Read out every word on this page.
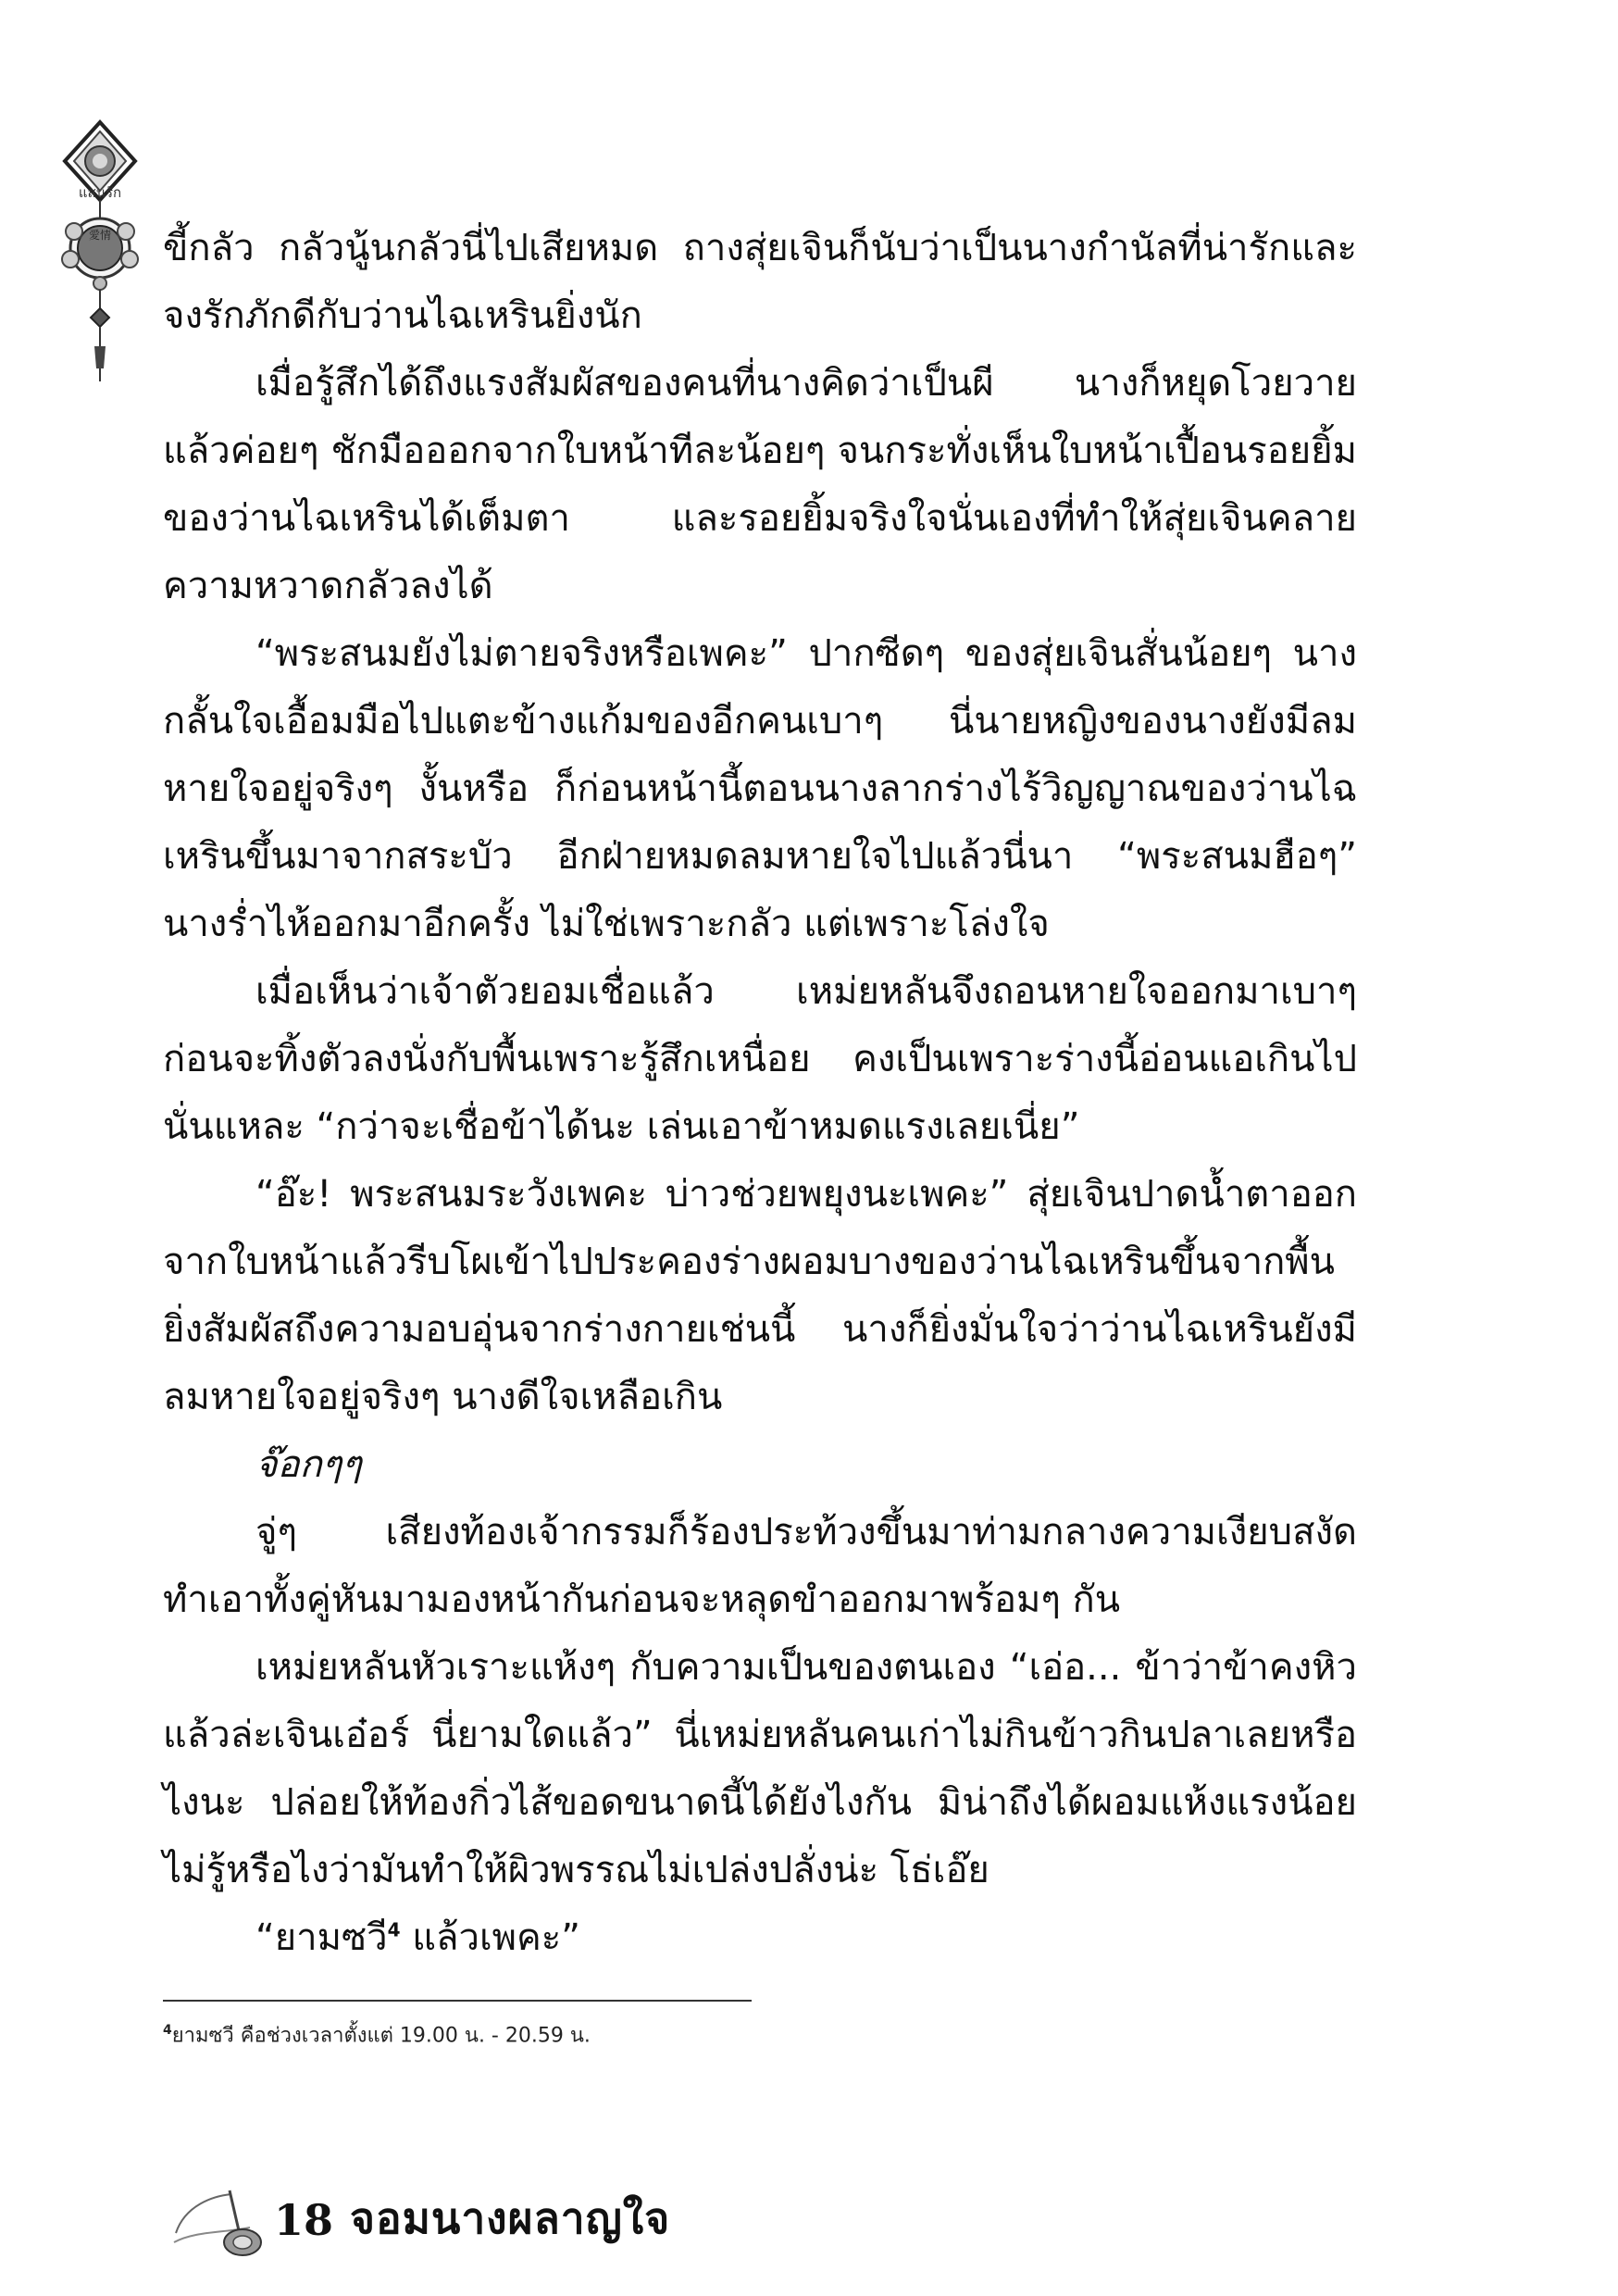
แสนรัก
愛情 ขี้กลัว กลัวนู้นกลัวนี่ไปเสียหมด ถางสุ่ยเจินก็นับว่าเป็นนางกำนัลที่น่ารักและจงรักภักดีกับว่านไฉเหรินยิ่งนัก

เมื่อรู้สึกได้ถึงแรงสัมผัสของคนที่นางคิดว่าเป็นผี นางก็หยุดโวยวาย แล้วค่อยๆ ชักมือออกจากใบหน้าทีละน้อยๆ จนกระทั่งเห็นใบหน้าเปื้อนรอยยิ้มของว่านไฉเหรินได้เต็มตา และรอยยิ้มจริงใจนั่นเองที่ทำให้สุ่ยเจินคลายความหวาดกลัวลงได้

“พระสนมยังไม่ตายจริงหรือเพคะ” ปากซีดๆ ของสุ่ยเจินสั่นน้อยๆ นางกลั้นใจเอื้อมมือไปแตะข้างแก้มของอีกคนเบาๆ นี่นายหญิงของนางยังมีลมหายใจอยู่จริงๆ งั้นหรือ ก็ก่อนหน้านี้ตอนนางลากร่างไร้วิญญาณของว่านไฉเหรินขึ้นมาจากสระบัว อีกฝ่ายหมดลมหายใจไปแล้วนี่นา “พระสนมฮือๆ” นางร่ำไห้ออกมาอีกครั้ง ไม่ใช่เพราะกลัว แต่เพราะโล่งใจ

เมื่อเห็นว่าเจ้าตัวยอมเชื่อแล้ว เหม่ยหลันจึงถอนหายใจออกมาเบาๆ ก่อนจะทิ้งตัวลงนั่งกับพื้นเพราะรู้สึกเหนื่อย คงเป็นเพราะร่างนี้อ่อนแอเกินไปนั่นแหละ “กว่าจะเชื่อข้าได้นะ เล่นเอาข้าหมดแรงเลยเนี่ย”

“อ๊ะ! พระสนมระวังเพคะ บ่าวช่วยพยุงนะเพคะ” สุ่ยเจินปาดน้ำตาออกจากใบหน้าแล้วรีบโผเข้าไปประคองร่างผอมบางของว่านไฉเหรินขึ้นจากพื้น ยิ่งสัมผัสถึงความอบอุ่นจากร่างกายเช่นนี้ นางก็ยิ่งมั่นใจว่าว่านไฉเหรินยังมีลมหายใจอยู่จริงๆ นางดีใจเหลือเกิน

จ๊อกๆๆ

จู่ๆ เสียงท้องเจ้ากรรมก็ร้องประท้วงขึ้นมาท่ามกลางความเงียบสงัด ทำเอาทั้งคู่หันมามองหน้ากันก่อนจะหลุดขำออกมาพร้อมๆ กัน

เหม่ยหลันหัวเราะแห้งๆ กับความเป็นของตนเอง “เอ่อ... ข้าว่าข้าคงหิวแล้วล่ะเจินเอ๋อร์ นี่ยามใดแล้ว” นี่เหม่ยหลันคนเก่าไม่กินข้าวกินปลาเลยหรือไงนะ ปล่อยให้ท้องกิ่วไส้ขอดขนาดนี้ได้ยังไงกัน มิน่าถึงได้ผอมแห้งแรงน้อย ไม่รู้หรือไงว่ามันทำให้ผิวพรรณไม่เปล่งปลั่งน่ะ โธ่เอ๊ย

“ยามซวี$^4$ แล้วเพคะ”

$^4$ยามซวี คือช่วงเวลาตั้งแต่ 19.00 น. - 20.59 น.
18 จอมนางผลาญใจ
